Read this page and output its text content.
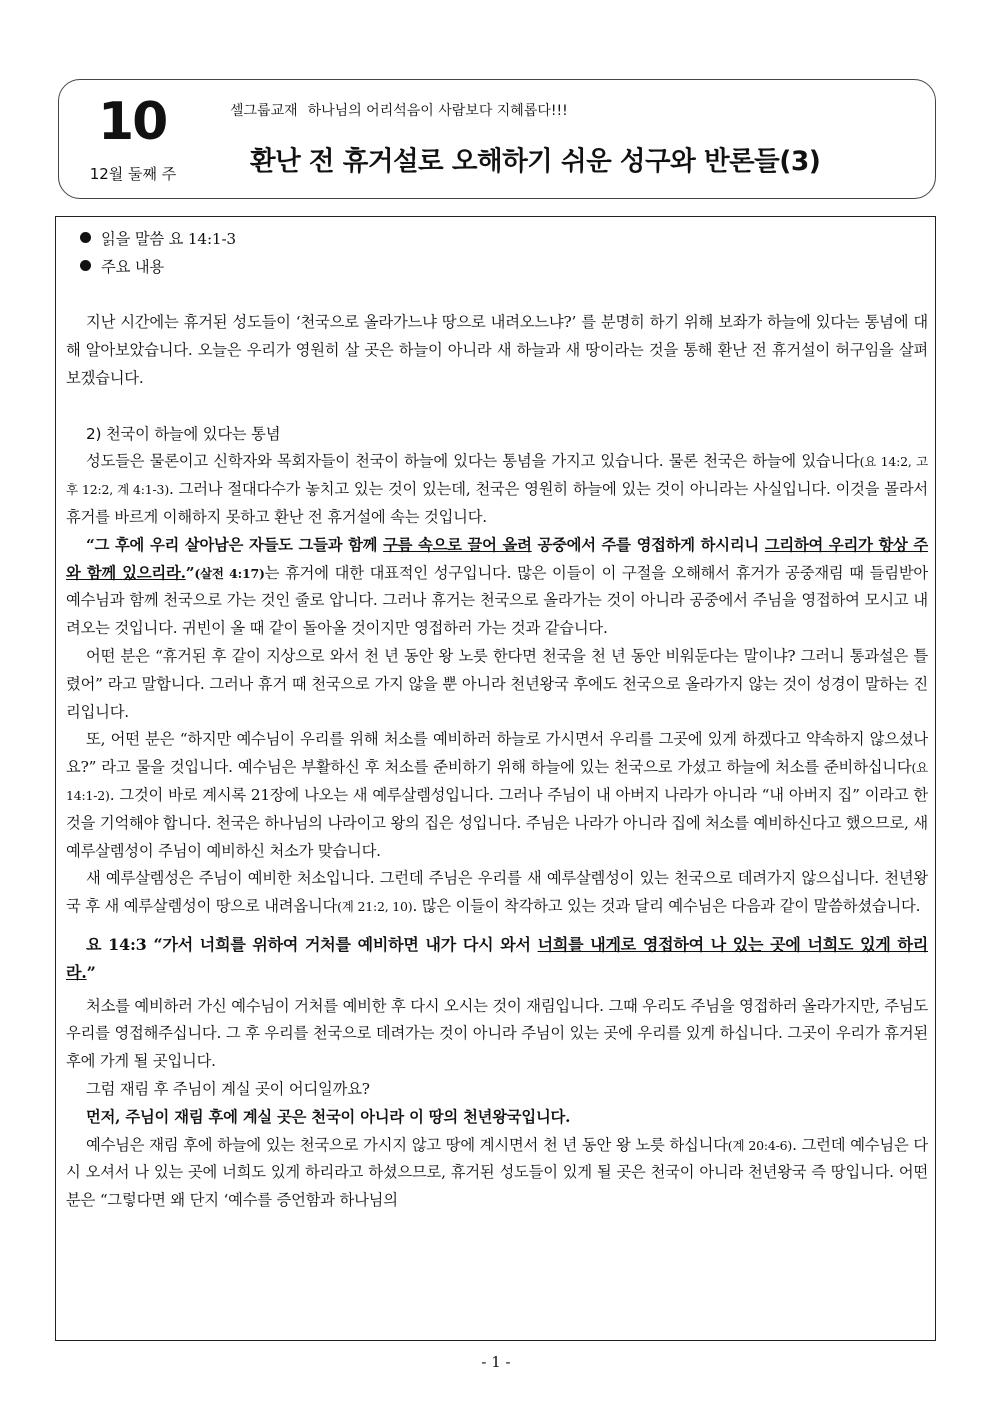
10
12월 둘째 주
셀그룹교재 하나님의 어리석음이 사람보다 지혜롭다!!!
환난 전 휴거설로 오해하기 쉬운 성구와 반론들(3)

읽을 말씀 요 14:1-3

주요 내용

지난 시간에는 휴거된 성도들이 ‘천국으로 올라가느냐 땅으로 내려오느냐?’ 를 분명히 하기 위해 보좌가 하늘에 있다는 통념에 대해 알아보았습니다. 오늘은 우리가 영원히 살 곳은 하늘이 아니라 새 하늘과 새 땅이라는 것을 통해 환난 전 휴거설이 허구임을 살펴보겠습니다.

2) 천국이 하늘에 있다는 통념

성도들은 물론이고 신학자와 목회자들이 천국이 하늘에 있다는 통념을 가지고 있습니다. 물론 천국은 하늘에 있습니다(요 14:2, 고후 12:2, 계 4:1-3). 그러나 절대다수가 놓치고 있는 것이 있는데, 천국은 영원히 하늘에 있는 것이 아니라는 사실입니다. 이것을 몰라서 휴거를 바르게 이해하지 못하고 환난 전 휴거설에 속는 것입니다.

“그 후에 우리 살아남은 자들도 그들과 함께 구름 속으로 끌어 올려 공중에서 주를 영접하게 하시리니 그리하여 우리가 항상 주와 함께 있으리라.”(살전 4:17)는 휴거에 대한 대표적인 성구입니다. 많은 이들이 이 구절을 오해해서 휴거가 공중재림 때 들림받아 예수님과 함께 천국으로 가는 것인 줄로 압니다. 그러나 휴거는 천국으로 올라가는 것이 아니라 공중에서 주님을 영접하여 모시고 내려오는 것입니다. 귀빈이 올 때 같이 돌아올 것이지만 영접하러 가는 것과 같습니다.

어떤 분은 “휴거된 후 같이 지상으로 와서 천 년 동안 왕 노릇 한다면 천국을 천 년 동안 비워둔다는 말이냐? 그러니 통과설은 틀렸어” 라고 말합니다. 그러나 휴거 때 천국으로 가지 않을 뿐 아니라 천년왕국 후에도 천국으로 올라가지 않는 것이 성경이 말하는 진리입니다.

또, 어떤 분은 “하지만 예수님이 우리를 위해 처소를 예비하러 하늘로 가시면서 우리를 그곳에 있게 하겠다고 약속하지 않으셨나요?” 라고 물을 것입니다. 예수님은 부활하신 후 처소를 준비하기 위해 하늘에 있는 천국으로 가셨고 하늘에 처소를 준비하십니다(요 14:1-2). 그것이 바로 계시록 21장에 나오는 새 예루살렘성입니다. 그러나 주님이 내 아버지 나라가 아니라 “내 아버지 집” 이라고 한 것을 기억해야 합니다. 천국은 하나님의 나라이고 왕의 집은 성입니다. 주님은 나라가 아니라 집에 처소를 예비하신다고 했으므로, 새 예루살렘성이 주님이 예비하신 처소가 맞습니다.

새 예루살렘성은 주님이 예비한 처소입니다. 그런데 주님은 우리를 새 예루살렘성이 있는 천국으로 데려가지 않으십니다. 천년왕국 후 새 예루살렘성이 땅으로 내려옵니다(계 21:2, 10). 많은 이들이 착각하고 있는 것과 달리 예수님은 다음과 같이 말씀하셨습니다.

요 14:3 “가서 너희를 위하여 거처를 예비하면 내가 다시 와서 너희를 내게로 영접하여 나 있는 곳에 너희도 있게 하리라.”

처소를 예비하러 가신 예수님이 거처를 예비한 후 다시 오시는 것이 재림입니다. 그때 우리도 주님을 영접하러 올라가지만, 주님도 우리를 영접해주십니다. 그 후 우리를 천국으로 데려가는 것이 아니라 주님이 있는 곳에 우리를 있게 하십니다. 그곳이 우리가 휴거된 후에 가게 될 곳입니다.

그럼 재림 후 주님이 계실 곳이 어디일까요?

먼저, 주님이 재림 후에 계실 곳은 천국이 아니라 이 땅의 천년왕국입니다.

예수님은 재림 후에 하늘에 있는 천국으로 가시지 않고 땅에 계시면서 천 년 동안 왕 노릇 하십니다(계 20:4-6). 그런데 예수님은 다시 오셔서 나 있는 곳에 너희도 있게 하리라고 하셨으므로, 휴거된 성도들이 있게 될 곳은 천국이 아니라 천년왕국 즉 땅입니다. 어떤 분은 “그렇다면 왜 단지 ‘예수를 증언함과 하나님의

- 1 -
